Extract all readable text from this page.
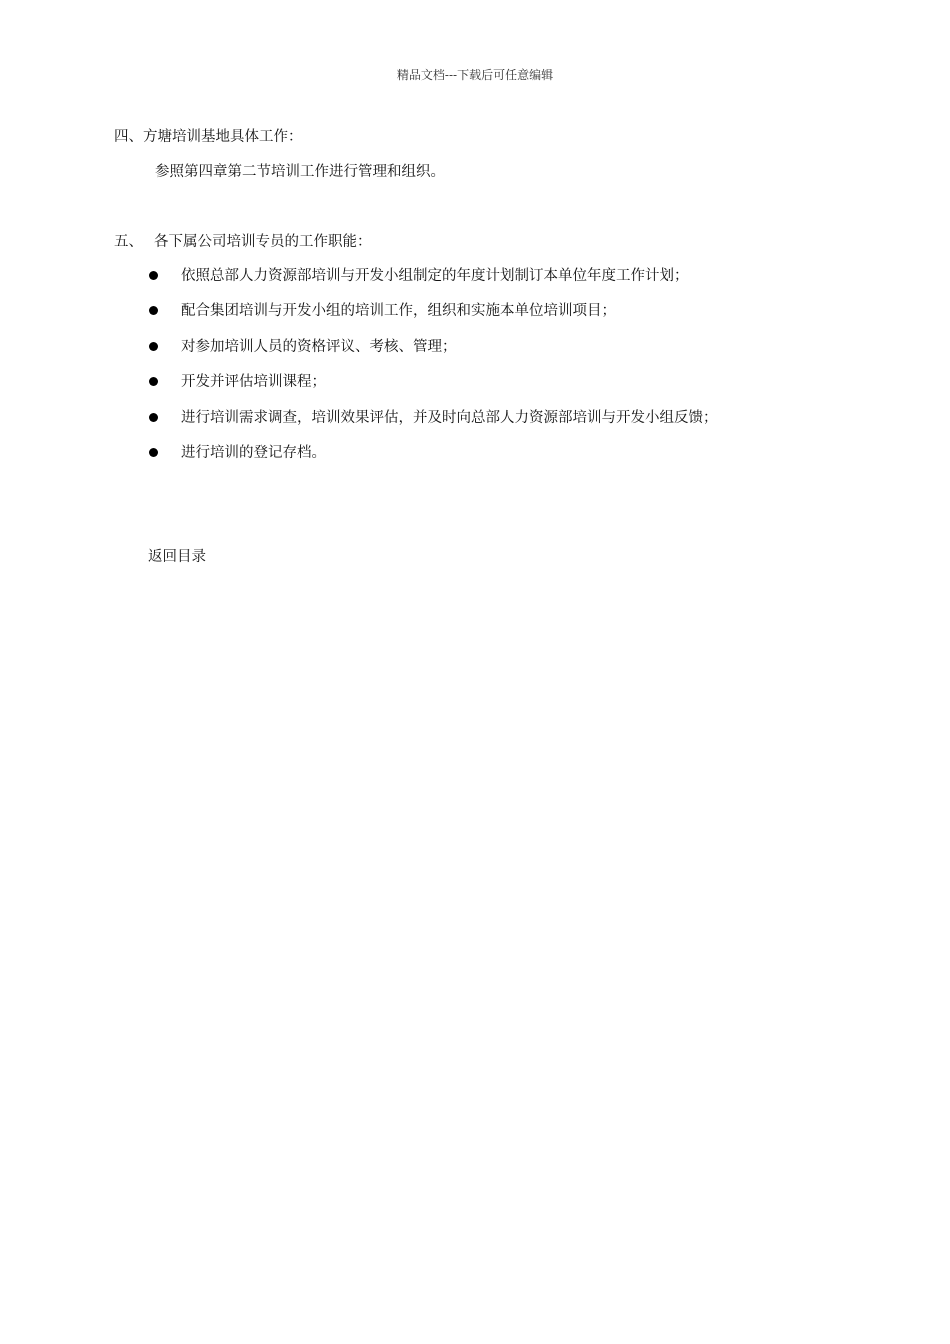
精品文档---下载后可任意编辑
四、方塘培训基地具体工作：
参照第四章第二节培训工作进行管理和组织。
五、 各下属公司培训专员的工作职能：
依照总部人力资源部培训与开发小组制定的年度计划制订本单位年度工作计划；
配合集团培训与开发小组的培训工作，组织和实施本单位培训项目；
对参加培训人员的资格评议、考核、管理；
开发并评估培训课程；
进行培训需求调查，培训效果评估，并及时向总部人力资源部培训与开发小组反馈；
进行培训的登记存档。
返回目录
